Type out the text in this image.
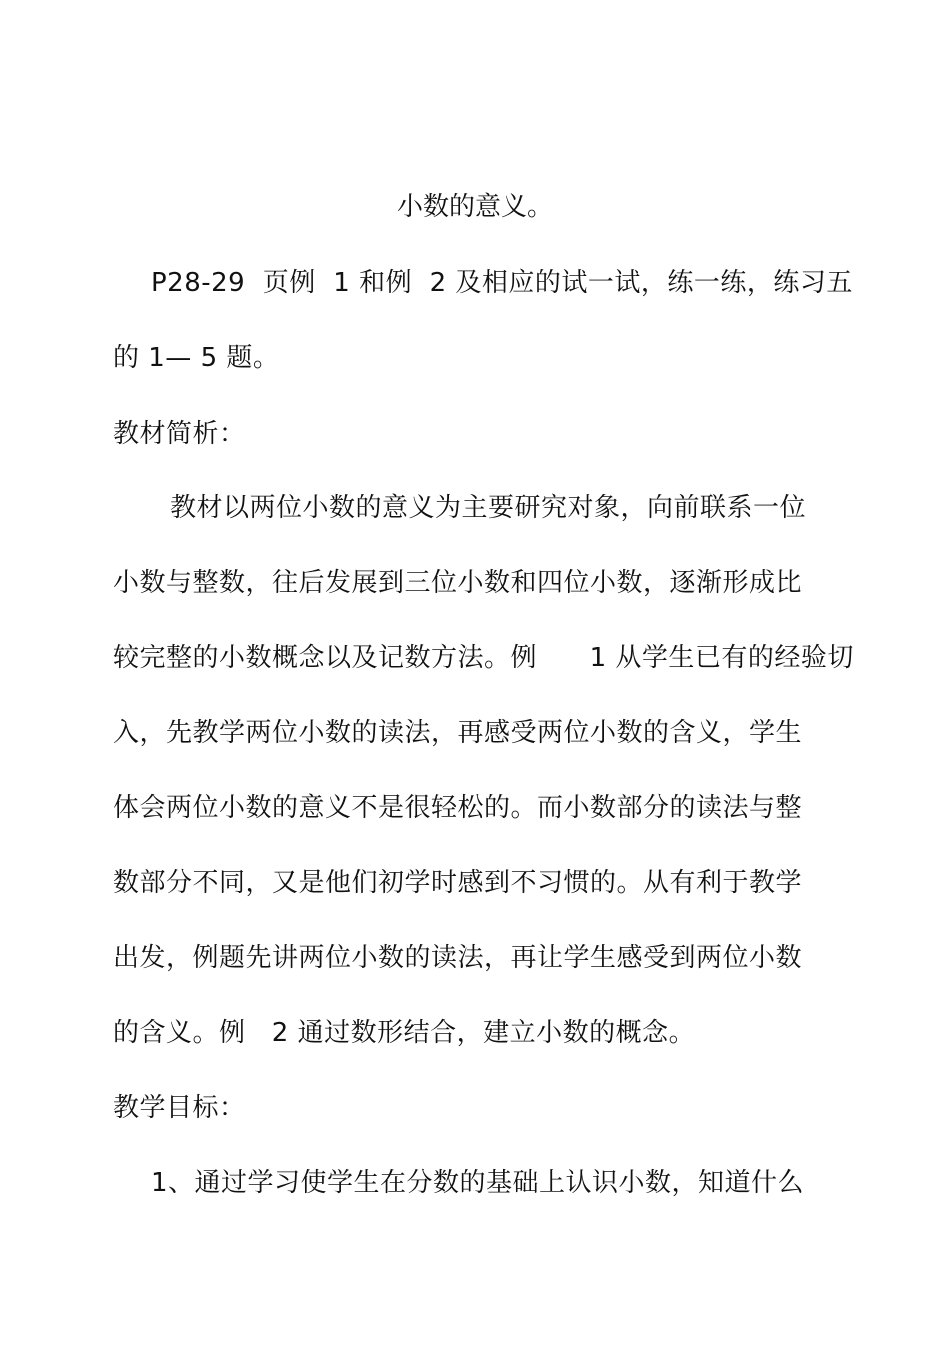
小数的意义。
P28-29  页例  1 和例  2 及相应的试一试，练一练，练习五
的 1— 5 题。
教材简析：
教材以两位小数的意义为主要研究对象，向前联系一位
小数与整数，往后发展到三位小数和四位小数，逐渐形成比
较完整的小数概念以及记数方法。例      1 从学生已有的经验切
入，先教学两位小数的读法，再感受两位小数的含义，学生
体会两位小数的意义不是很轻松的。而小数部分的读法与整
数部分不同，又是他们初学时感到不习惯的。从有利于教学
出发，例题先讲两位小数的读法，再让学生感受到两位小数
的含义。例   2 通过数形结合，建立小数的概念。
教学目标：
1、通过学习使学生在分数的基础上认识小数，知道什么
